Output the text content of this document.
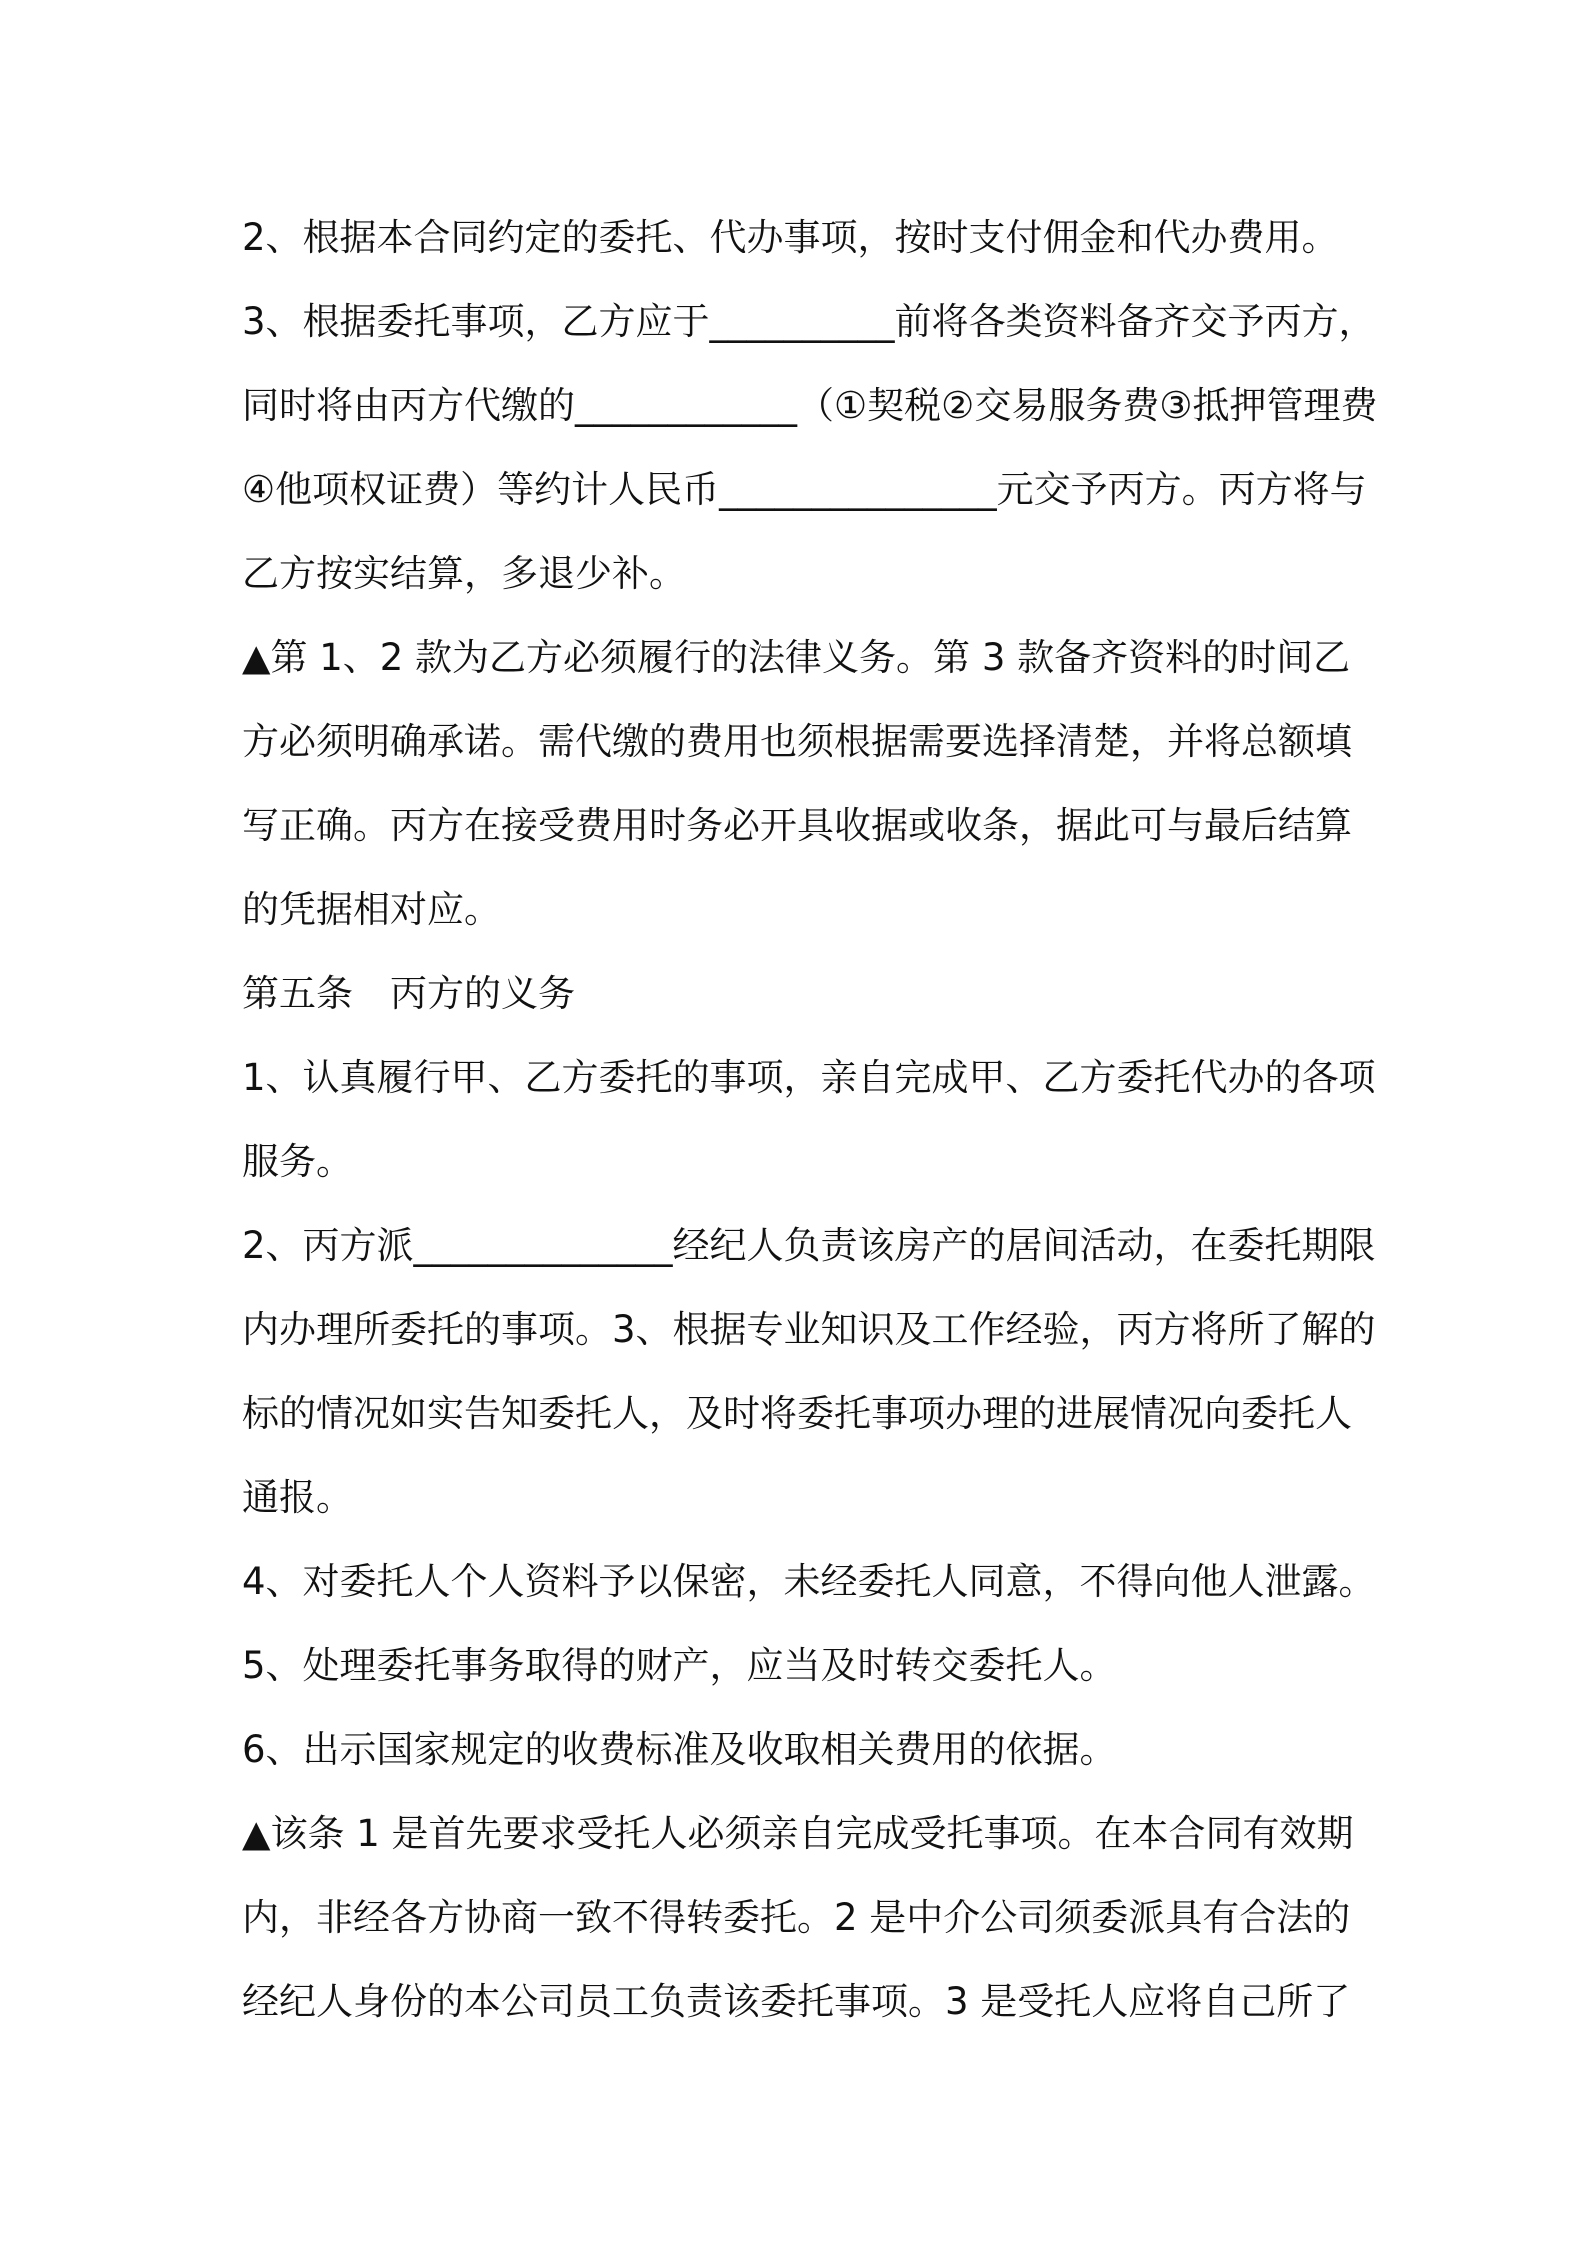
2、根据本合同约定的委托、代办事项，按时支付佣金和代办费用。

3、根据委托事项，乙方应于__________前将各类资料备齐交予丙方，同时将由丙方代缴的____________（①契税②交易服务费③抵押管理费④他项权证费）等约计人民币_______________元交予丙方。丙方将与乙方按实结算，多退少补。

▲第 1、2 款为乙方必须履行的法律义务。第 3 款备齐资料的时间乙方必须明确承诺。需代缴的费用也须根据需要选择清楚，并将总额填写正确。丙方在接受费用时务必开具收据或收条，据此可与最后结算的凭据相对应。

第五条　丙方的义务

1、认真履行甲、乙方委托的事项，亲自完成甲、乙方委托代办的各项服务。

2、丙方派______________经纪人负责该房产的居间活动，在委托期限内办理所委托的事项。3、根据专业知识及工作经验，丙方将所了解的标的情况如实告知委托人，及时将委托事项办理的进展情况向委托人通报。

4、对委托人个人资料予以保密，未经委托人同意，不得向他人泄露。

5、处理委托事务取得的财产，应当及时转交委托人。

6、出示国家规定的收费标准及收取相关费用的依据。

▲该条 1 是首先要求受托人必须亲自完成受托事项。在本合同有效期内，非经各方协商一致不得转委托。2 是中介公司须委派具有合法的经纪人身份的本公司员工负责该委托事项。3 是受托人应将自己所了
